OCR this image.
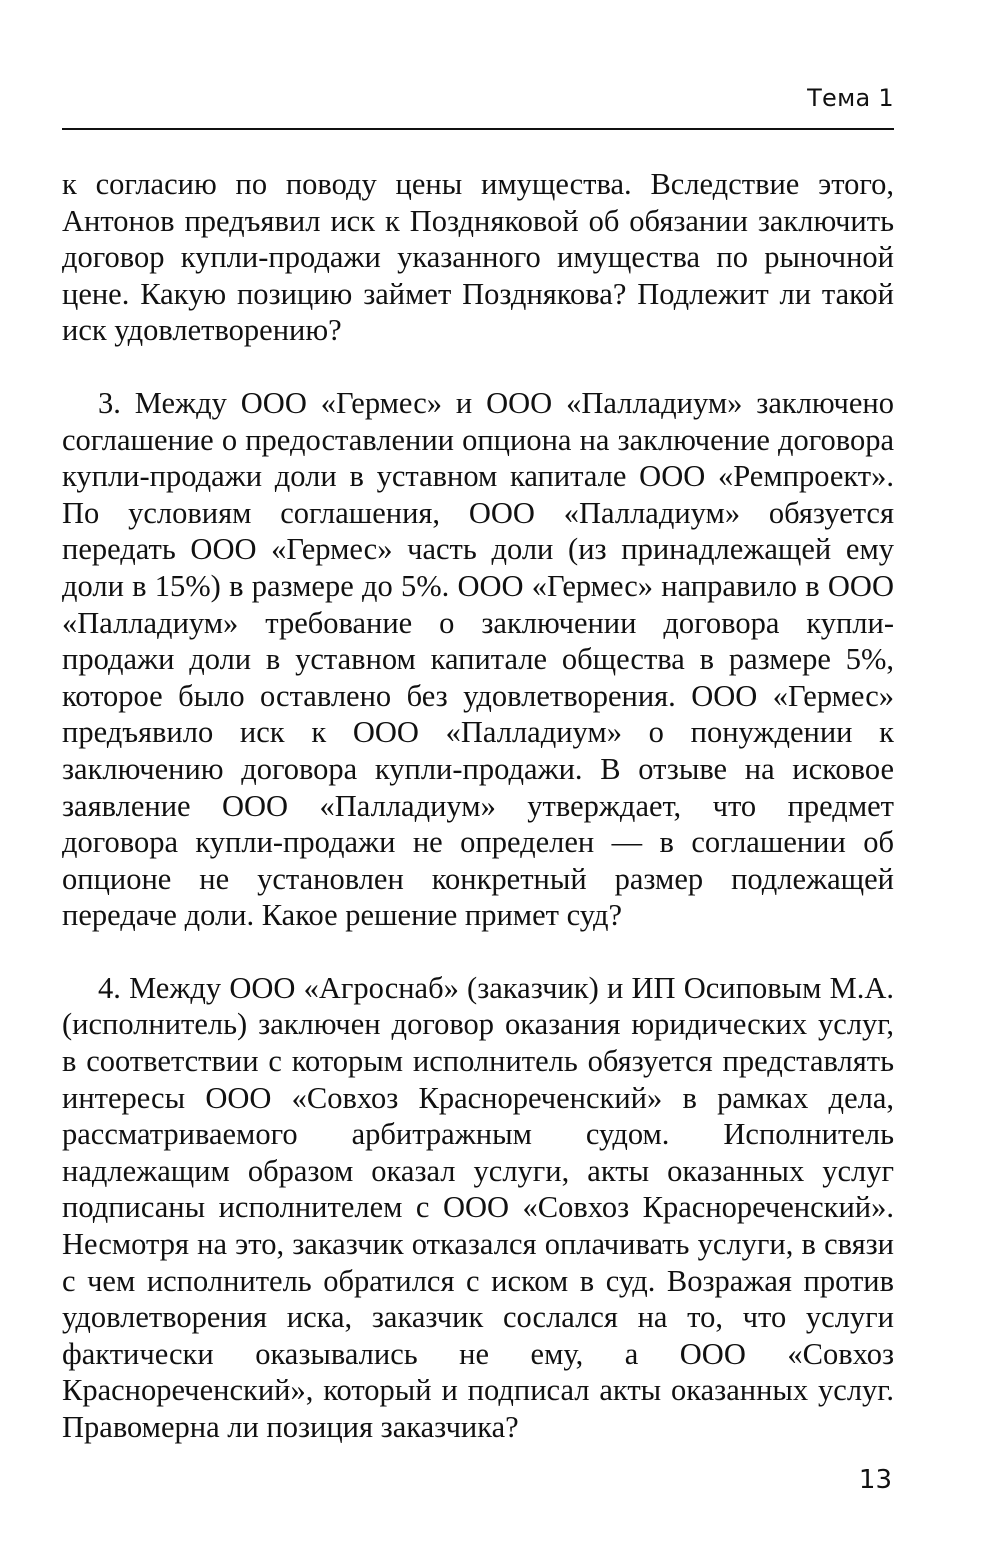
Тема 1

к согласию по поводу цены имущества. Вследствие этого, Антонов предъявил иск к Поздняковой об обязании заключить договор купли-продажи указанного имущества по рыночной цене. Какую позицию займет Позднякова? Подлежит ли такой иск удовлетворению?

3. Между ООО «Гермес» и ООО «Палладиум» заключено соглашение о предоставлении опциона на заключение договора купли-продажи доли в уставном капитале ООО «Ремпроект». По условиям соглашения, ООО «Палладиум» обязуется передать ООО «Гермес» часть доли (из принадлежащей ему доли в 15%) в размере до 5%. ООО «Гермес» направило в ООО «Палладиум» требование о заключении договора купли-продажи доли в уставном капитале общества в размере 5%, которое было оставлено без удовлетворения. ООО «Гермес» предъявило иск к ООО «Палладиум» о понуждении к заключению договора купли-продажи. В отзыве на исковое заявление ООО «Палладиум» утверждает, что предмет договора купли-продажи не определен — в соглашении об опционе не установлен конкретный размер подлежащей передаче доли. Какое решение примет суд?

4. Между ООО «Агроснаб» (заказчик) и ИП Осиповым М.А. (исполнитель) заключен договор оказания юридических услуг, в соответствии с которым исполнитель обязуется представлять интересы ООО «Совхоз Краснореченский» в рамках дела, рассматриваемого арбитражным судом. Исполнитель надлежащим образом оказал услуги, акты оказанных услуг подписаны исполнителем с ООО «Совхоз Краснореченский». Несмотря на это, заказчик отказался оплачивать услуги, в связи с чем исполнитель обратился с иском в суд. Возражая против удовлетворения иска, заказчик сослался на то, что услуги фактически оказывались не ему, а ООО «Совхоз Краснореченский», который и подписал акты оказанных услуг. Правомерна ли позиция заказчика?

13
